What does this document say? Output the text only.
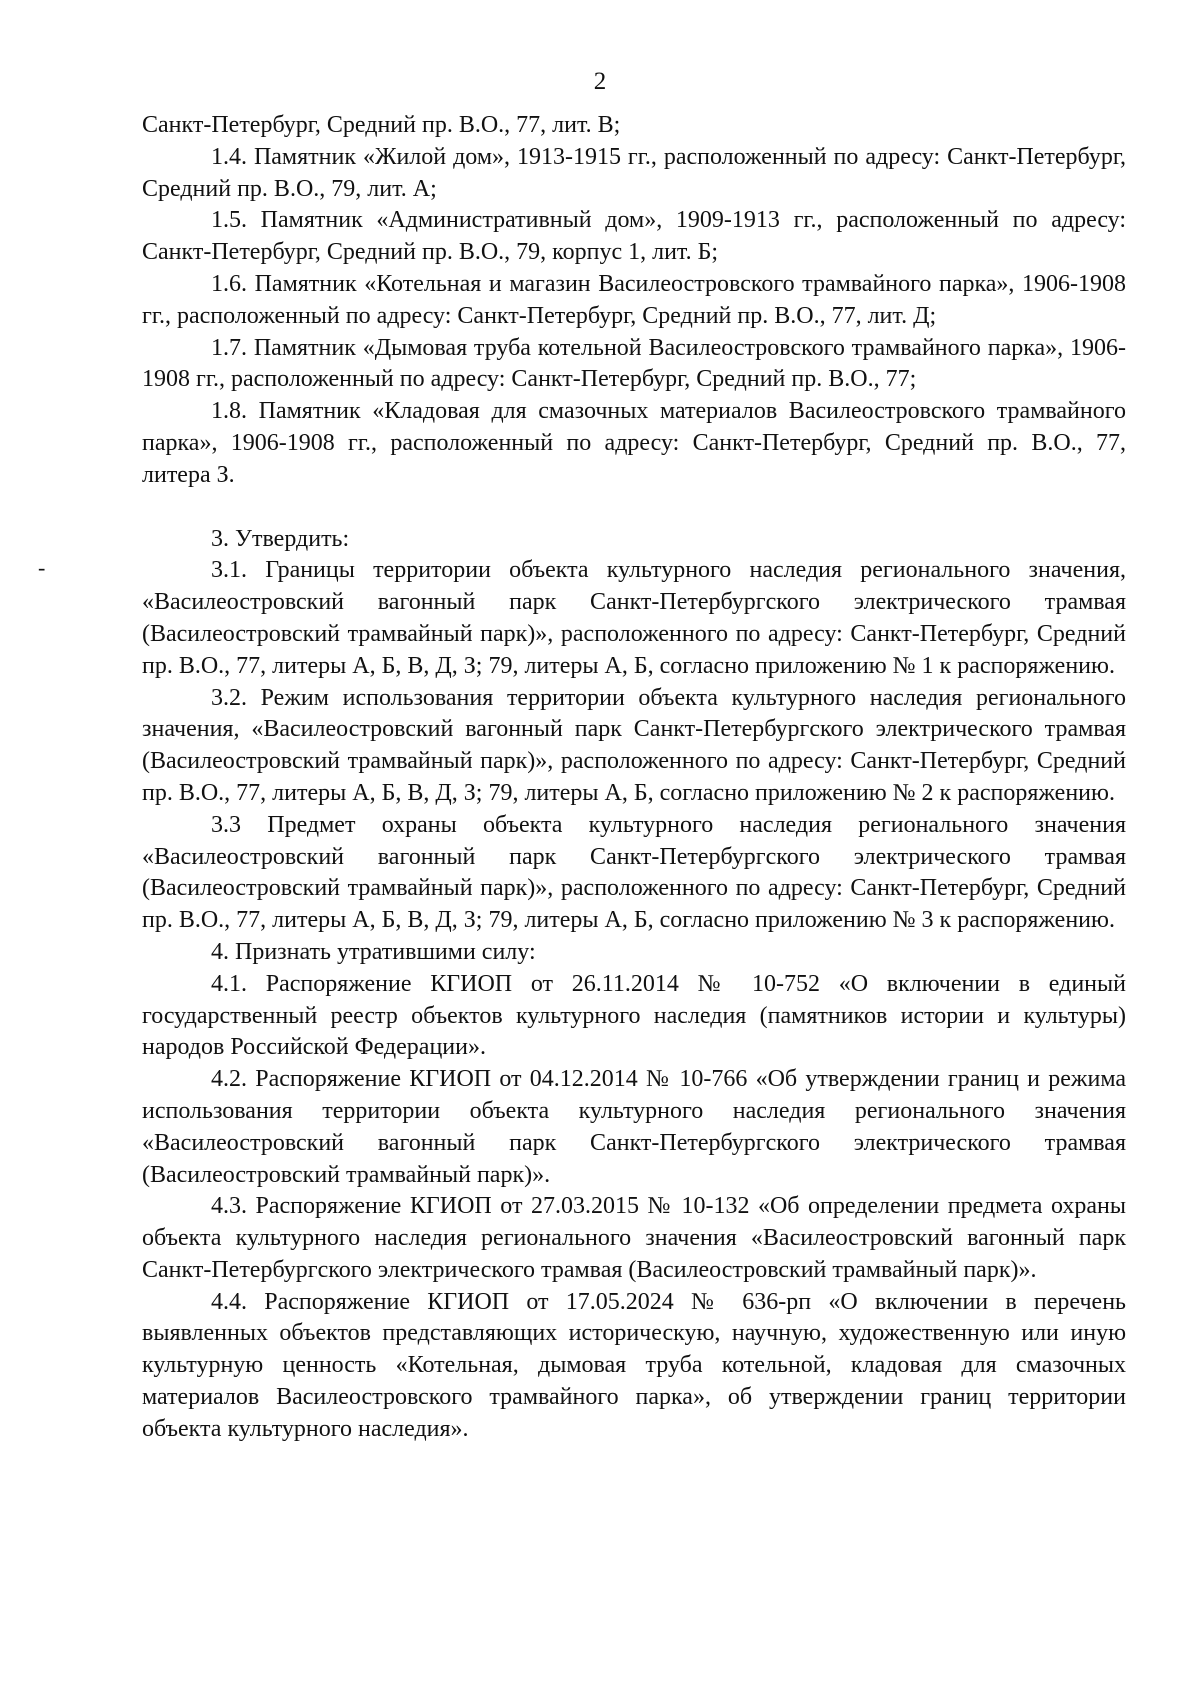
2
-

Санкт-Петербург, Средний пр. В.О., 77, лит. В;

1.4. Памятник «Жилой дом», 1913-1915 гг., расположенный по адресу: Санкт-Петербург, Средний пр. В.О., 79, лит. А;

1.5. Памятник «Административный дом», 1909-1913 гг., расположенный по адресу: Санкт-Петербург, Средний пр. В.О., 79, корпус 1, лит. Б;

1.6. Памятник «Котельная и магазин Василеостровского трамвайного парка», 1906-1908 гг., расположенный по адресу: Санкт-Петербург, Средний пр. В.О., 77, лит. Д;

1.7. Памятник «Дымовая труба котельной Василеостровского трамвайного парка», 1906-1908 гг., расположенный по адресу: Санкт-Петербург, Средний пр. В.О., 77;

1.8. Памятник «Кладовая для смазочных материалов Василеостровского трамвайного парка», 1906-1908 гг., расположенный по адресу: Санкт-Петербург, Средний пр. В.О., 77, литера З.

3. Утвердить:

3.1. Границы территории объекта культурного наследия регионального значения, «Василеостровский вагонный парк Санкт-Петербургского электрического трамвая (Василеостровский трамвайный парк)», расположенного по адресу: Санкт-Петербург, Средний пр. В.О., 77, литеры А, Б, В, Д, З; 79, литеры А, Б, согласно приложению № 1 к распоряжению.

3.2. Режим использования территории объекта культурного наследия регионального значения, «Василеостровский вагонный парк Санкт-Петербургского электрического трамвая (Василеостровский трамвайный парк)», расположенного по адресу: Санкт-Петербург, Средний пр. В.О., 77, литеры А, Б, В, Д, З; 79, литеры А, Б, согласно приложению № 2 к распоряжению.

3.3 Предмет охраны объекта культурного наследия регионального значения «Василеостровский вагонный парк Санкт-Петербургского электрического трамвая (Василеостровский трамвайный парк)», расположенного по адресу: Санкт-Петербург, Средний пр. В.О., 77, литеры А, Б, В, Д, З; 79, литеры А, Б, согласно приложению № 3 к распоряжению.

4. Признать утратившими силу:

4.1. Распоряжение КГИОП от 26.11.2014 № 10-752 «О включении в единый государственный реестр объектов культурного наследия (памятников истории и культуры) народов Российской Федерации».

4.2. Распоряжение КГИОП от 04.12.2014 № 10-766 «Об утверждении границ и режима использования территории объекта культурного наследия регионального значения «Василеостровский вагонный парк Санкт-Петербургского электрического трамвая (Василеостровский трамвайный парк)».

4.3. Распоряжение КГИОП от 27.03.2015 № 10-132 «Об определении предмета охраны объекта культурного наследия регионального значения «Василеостровский вагонный парк Санкт-Петербургского электрического трамвая (Василеостровский трамвайный парк)».

4.4. Распоряжение КГИОП от 17.05.2024 № 636-рп «О включении в перечень выявленных объектов представляющих историческую, научную, художественную или иную культурную ценность «Котельная, дымовая труба котельной, кладовая для смазочных материалов Василеостровского трамвайного парка», об утверждении границ территории объекта культурного наследия».
